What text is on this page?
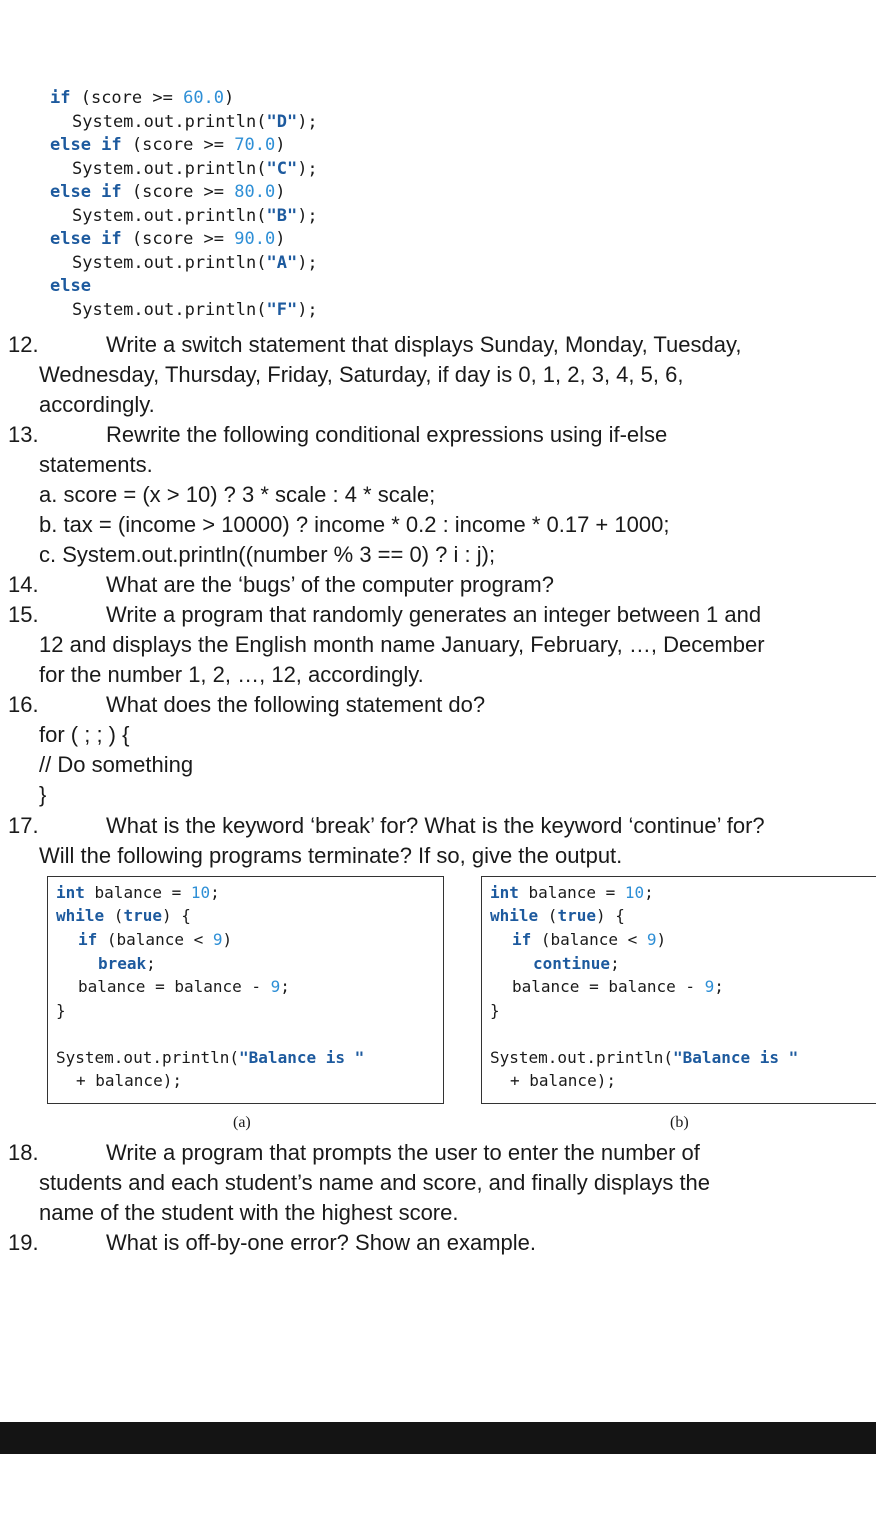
if (score >= 60.0)
System.out.println("D");
else if (score >= 70.0)
System.out.println("C");
else if (score >= 80.0)
System.out.println("B");
else if (score >= 90.0)
System.out.println("A");
else
System.out.println("F");
12.	Write a switch statement that displays Sunday, Monday, Tuesday,
Wednesday, Thursday, Friday, Saturday, if day is 0, 1, 2, 3, 4, 5, 6,
accordingly.
13.	Rewrite the following conditional expressions using if-else
statements.
a. score = (x > 10) ? 3 * scale : 4 * scale;
b. tax = (income > 10000) ? income * 0.2 : income * 0.17 + 1000;
c. System.out.println((number % 3 == 0) ? i : j);
14.	What are the ‘bugs’ of the computer program?
15.	Write a program that randomly generates an integer between 1 and
12 and displays the English month name January, February, …, December
for the number 1, 2, …, 12, accordingly.
16.	What does the following statement do?
for ( ; ; ) {
// Do something
}
17.	What is the keyword ‘break’ for? What is the keyword ‘continue’ for?
Will the following programs terminate? If so, give the output.
int balance = 10;
while (true) {
if (balance < 9)
break;
balance = balance - 9;
}
System.out.println("Balance is "
+ balance);
(a)
int balance = 10;
while (true) {
if (balance < 9)
continue;
balance = balance - 9;
}
System.out.println("Balance is "
+ balance);
(b)
18.	Write a program that prompts the user to enter the number of
students and each student’s name and score, and finally displays the
name of the student with the highest score.
19.	What is off-by-one error? Show an example.
